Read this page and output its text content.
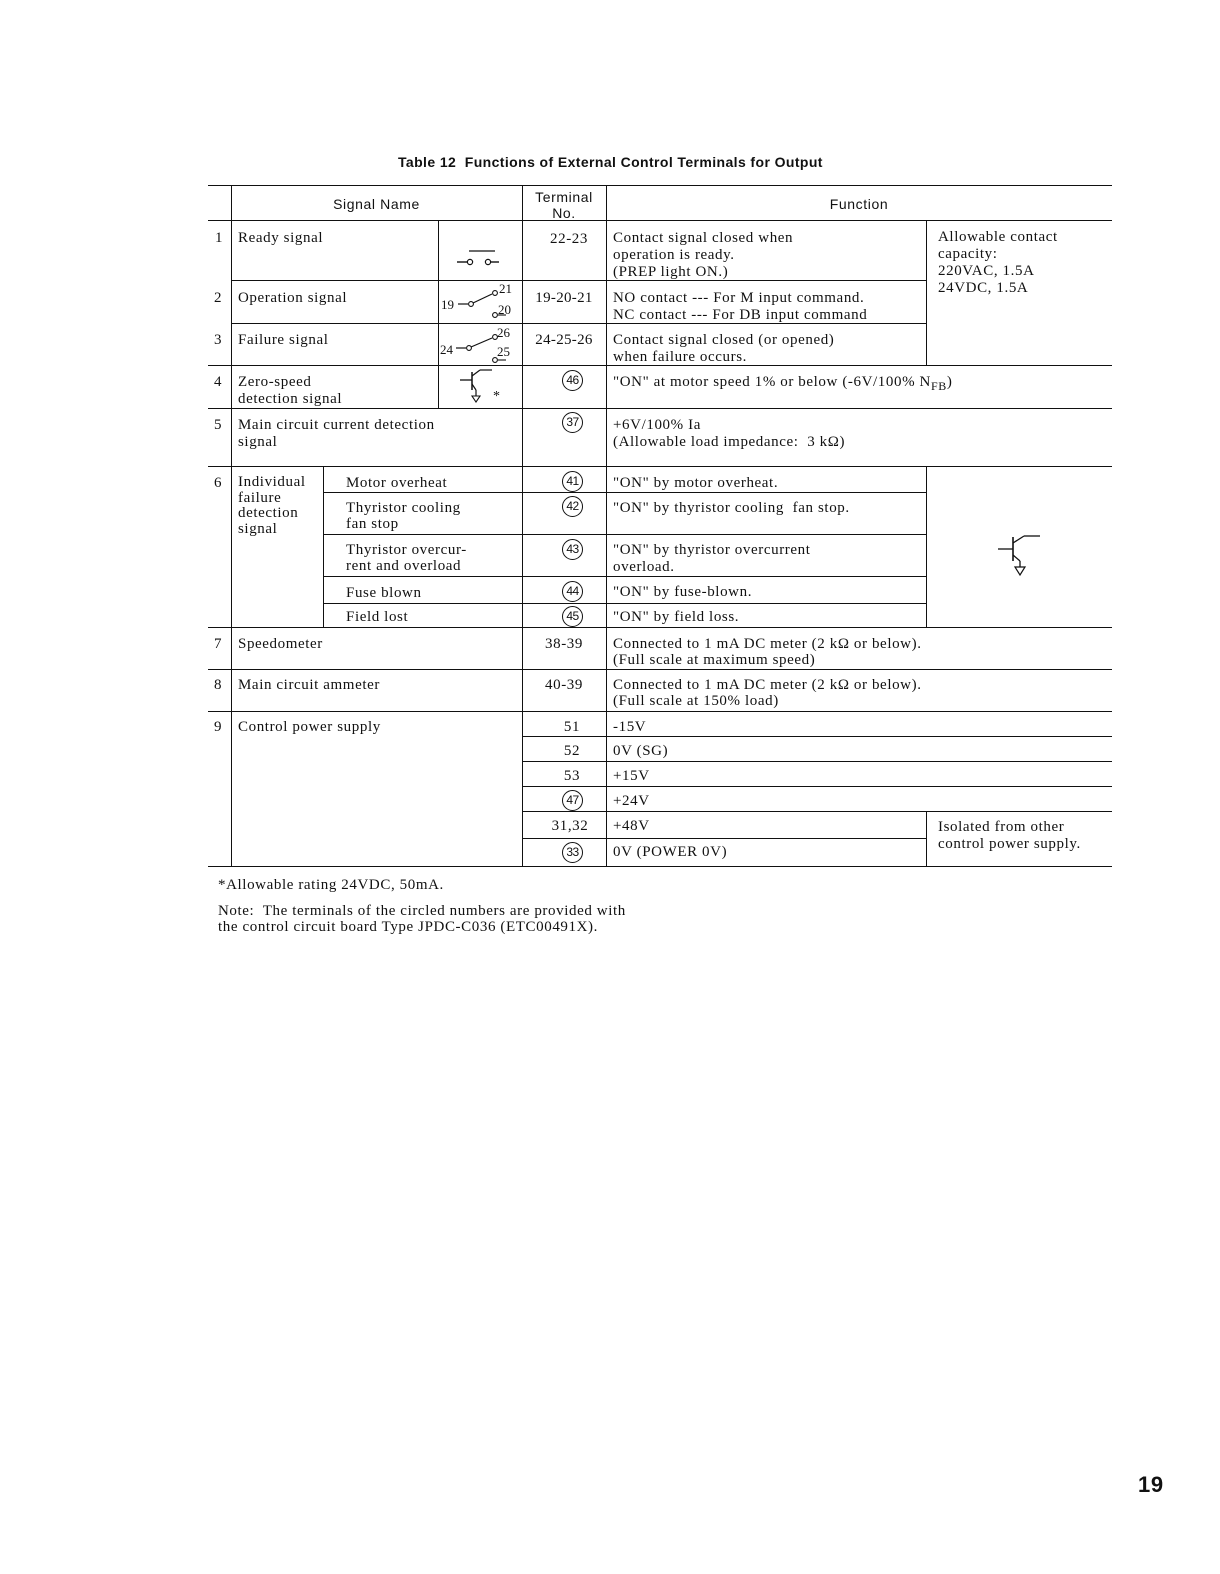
Table 12  Functions of External Control Terminals for Output
Signal Name	Terminal
No.
Function
1
2
3
4
5
6
7
8
9
Ready signal
Operation signal
Failure signal
Zero-speed
detection signal
Main circuit current detection
signal
Individual
failure
detection
signal
Speedometer
Main circuit ammeter
Control power supply
Motor overheat
Thyristor cooling
fan stop
Thyristor overcur-
rent and overload
Fuse blown
Field lost
19
21
20
24
26
25
*
22-23
19-20-21
24-25-26
46
37
41
42
43
44
45
38-39
40-39
51
52
53
47
31,32
33
Contact signal closed when
operation is ready.
(PREP light ON.)
NO contact --- For M input command.
NC contact --- For DB input command
Contact signal closed (or opened)
when failure occurs.
"ON" at motor speed 1% or below (-6V/100% $N_{FB}$)
+6V/100% Ia
(Allowable load impedance:  3 kΩ)
"ON" by motor overheat.
"ON" by thyristor cooling  fan stop.
"ON" by thyristor overcurrent
overload.
"ON" by fuse-blown.
"ON" by field loss.
Connected to 1 mA DC meter (2 kΩ or below).
(Full scale at maximum speed)
Connected to 1 mA DC meter (2 kΩ or below).
(Full scale at 150% load)
-15V
0V (SG)
+15V
+24V
+48V
0V (POWER 0V)
Allowable contact
capacity:
220VAC, 1.5A
24VDC, 1.5A
Isolated from other
control power supply.
*Allowable rating 24VDC, 50mA.
Note:  The terminals of the circled numbers are provided with
the control circuit board Type JPDC-C036 (ETC00491X).
19
